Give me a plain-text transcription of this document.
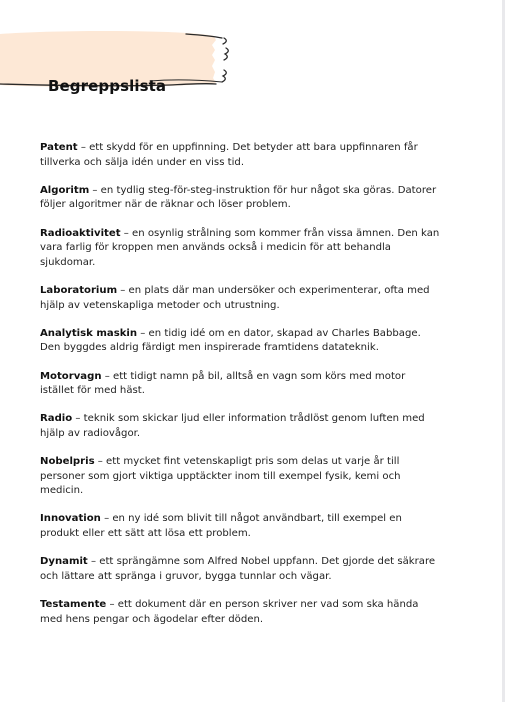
Begreppslista
Patent – ett skydd för en uppfinning. Det betyder att bara uppfinnaren får tillverka och sälja idén under en viss tid.
Algoritm – en tydlig steg-för-steg-instruktion för hur något ska göras. Datorer följer algoritmer när de räknar och löser problem.
Radioaktivitet – en osynlig strålning som kommer från vissa ämnen. Den kan vara farlig för kroppen men används också i medicin för att behandla sjukdomar.
Laboratorium – en plats där man undersöker och experimenterar, ofta med hjälp av vetenskapliga metoder och utrustning.
Analytisk maskin – en tidig idé om en dator, skapad av Charles Babbage. Den byggdes aldrig färdigt men inspirerade framtidens datateknik.
Motorvagn – ett tidigt namn på bil, alltså en vagn som körs med motor istället för med häst.
Radio – teknik som skickar ljud eller information trådlöst genom luften med hjälp av radiovågor.
Nobelpris – ett mycket fint vetenskapligt pris som delas ut varje år till personer som gjort viktiga upptäckter inom till exempel fysik, kemi och medicin.
Innovation – en ny idé som blivit till något användbart, till exempel en produkt eller ett sätt att lösa ett problem.
Dynamit – ett sprängämne som Alfred Nobel uppfann. Det gjorde det säkrare och lättare att spränga i gruvor, bygga tunnlar och vägar.
Testamente – ett dokument där en person skriver ner vad som ska hända med hens pengar och ägodelar efter döden.
